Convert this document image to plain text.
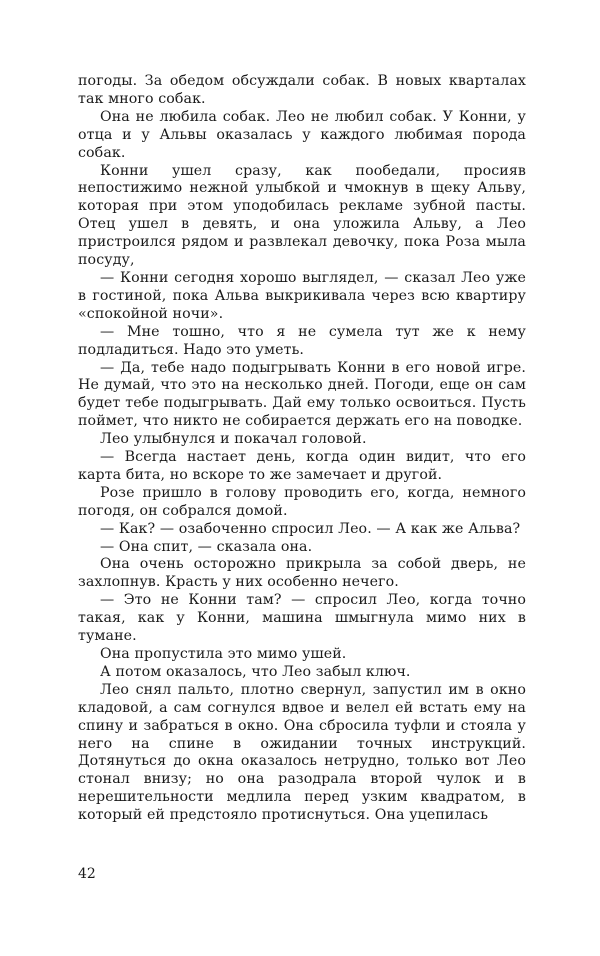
погоды. За обедом обсуждали собак. В новых кварталах так много собак.

Она не любила собак. Лео не любил собак. У Конни, у отца и у Альвы оказалась у каждого любимая порода собак.

Конни ушел сразу, как пообедали, просияв непостижимо нежной улыбкой и чмокнув в щеку Альву, которая при этом уподобилась рекламе зубной пасты. Отец ушел в девять, и она уложила Альву, а Лео пристроился рядом и развлекал девочку, пока Роза мыла посуду,

— Конни сегодня хорошо выглядел, — сказал Лео уже в гостиной, пока Альва выкрикивала через всю квартиру «спокойной ночи».

— Мне тошно, что я не сумела тут же к нему подладиться. Надо это уметь.

— Да, тебе надо подыгрывать Конни в его новой игре. Не думай, что это на несколько дней. Погоди, еще он сам будет тебе подыгрывать. Дай ему только освоиться. Пусть поймет, что никто не собирается держать его на поводке.

Лео улыбнулся и покачал головой.

— Всегда настает день, когда один видит, что его карта бита, но вскоре то же замечает и другой.

Розе пришло в голову проводить его, когда, немного погодя, он собрался домой.

— Как? — озабоченно спросил Лео. — А как же Альва?

— Она спит, — сказала она.

Она очень осторожно прикрыла за собой дверь, не захлопнув. Красть у них особенно нечего.

— Это не Конни там? — спросил Лео, когда точно такая, как у Конни, машина шмыгнула мимо них в тумане.

Она пропустила это мимо ушей.

А потом оказалось, что Лео забыл ключ.

Лео снял пальто, плотно свернул, запустил им в окно кладовой, а сам согнулся вдвое и велел ей встать ему на спину и забраться в окно. Она сбросила туфли и стояла у него на спине в ожидании точных инструкций. Дотянуться до окна оказалось нетрудно, только вот Лео стонал внизу; но она разодрала второй чулок и в нерешительности медлила перед узким квадратом, в который ей предстояло протиснуться. Она уцепилась

42
